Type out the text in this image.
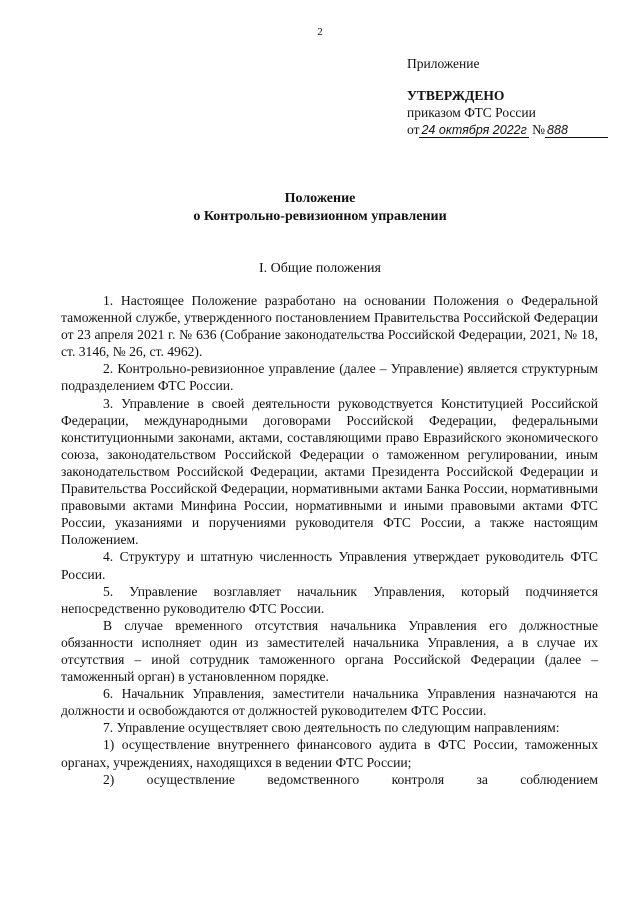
2
Приложение
УТВЕРЖДЕНО
приказом ФТС России
от 24 октября 2022г № 888
Положение
о Контрольно-ревизионном управлении
I. Общие положения

1. Настоящее Положение разработано на основании Положения о Федеральной таможенной службе, утвержденного постановлением Правительства Российской Федерации от 23 апреля 2021 г. № 636 (Собрание законодательства Российской Федерации, 2021, № 18, ст. 3146, № 26, ст. 4962).

2. Контрольно-ревизионное управление (далее – Управление) является структурным подразделением ФТС России.

3. Управление в своей деятельности руководствуется Конституцией Российской Федерации, международными договорами Российской Федерации, федеральными конституционными законами, актами, составляющими право Евразийского экономического союза, законодательством Российской Федерации о таможенном регулировании, иным законодательством Российской Федерации, актами Президента Российской Федерации и Правительства Российской Федерации, нормативными актами Банка России, нормативными правовыми актами Минфина России, нормативными и иными правовыми актами ФТС России, указаниями и поручениями руководителя ФТС России, а также настоящим Положением.

4. Структуру и штатную численность Управления утверждает руководитель ФТС России.

5. Управление возглавляет начальник Управления, который подчиняется непосредственно руководителю ФТС России.

В случае временного отсутствия начальника Управления его должностные обязанности исполняет один из заместителей начальника Управления, а в случае их отсутствия – иной сотрудник таможенного органа Российской Федерации (далее – таможенный орган) в установленном порядке.

6. Начальник Управления, заместители начальника Управления назначаются на должности и освобождаются от должностей руководителем ФТС России.

7. Управление осуществляет свою деятельность по следующим направлениям:

1) осуществление внутреннего финансового аудита в ФТС России, таможенных органах, учреждениях, находящихся в ведении ФТС России;

2) осуществление ведомственного контроля за соблюдением
